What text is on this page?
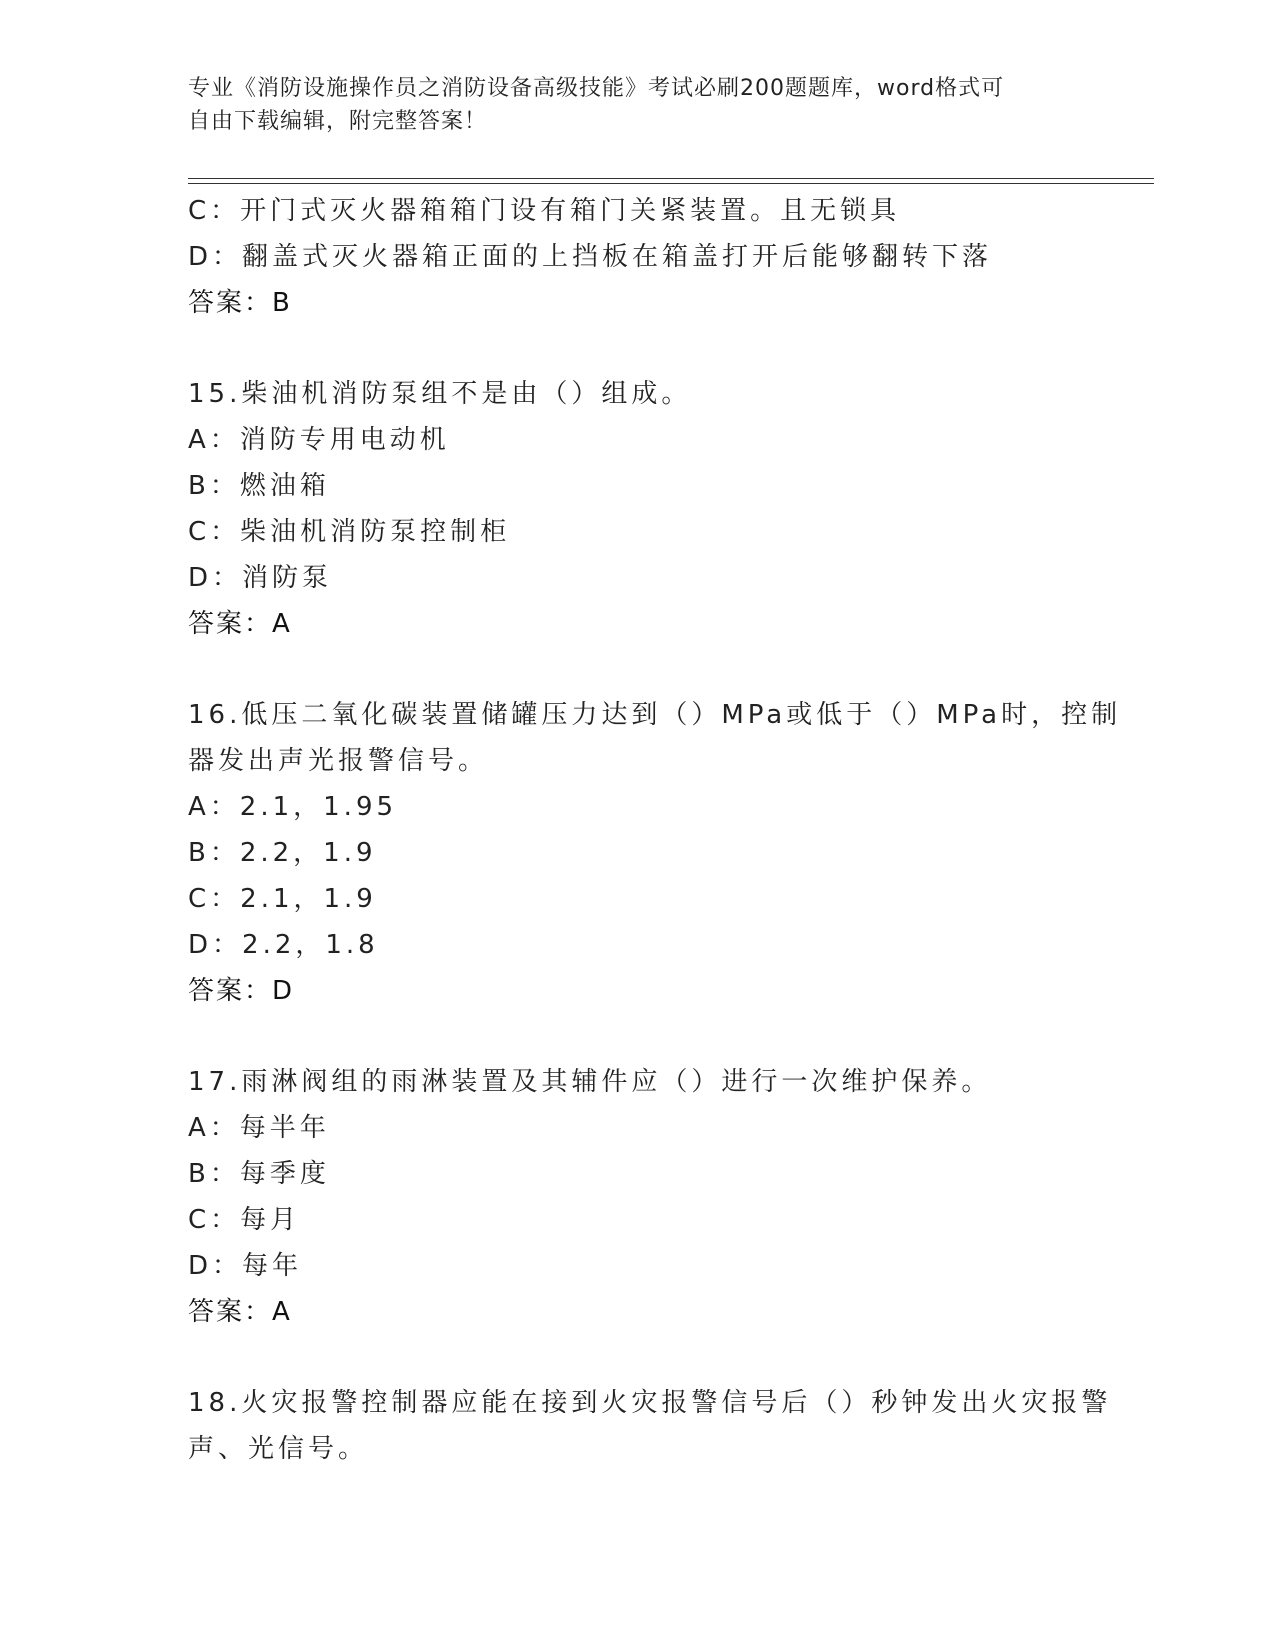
专业《消防设施操作员之消防设备高级技能》考试必刷200题题库，word格式可
自由下载编辑，附完整答案！
C：开门式灭火器箱箱门设有箱门关紧装置。且无锁具
D：翻盖式灭火器箱正面的上挡板在箱盖打开后能够翻转下落
答案：B
15.柴油机消防泵组不是由（）组成。
A：消防专用电动机
B：燃油箱
C：柴油机消防泵控制柜
D：消防泵
答案：A
16.低压二氧化碳装置储罐压力达到（）MPa或低于（）MPa时，控制
器发出声光报警信号。
A：2.1，1.95
B：2.2，1.9
C：2.1，1.9
D：2.2，1.8
答案：D
17.雨淋阀组的雨淋装置及其辅件应（）进行一次维护保养。
A：每半年
B：每季度
C：每月
D：每年
答案：A
18.火灾报警控制器应能在接到火灾报警信号后（）秒钟发出火灾报警
声、光信号。
